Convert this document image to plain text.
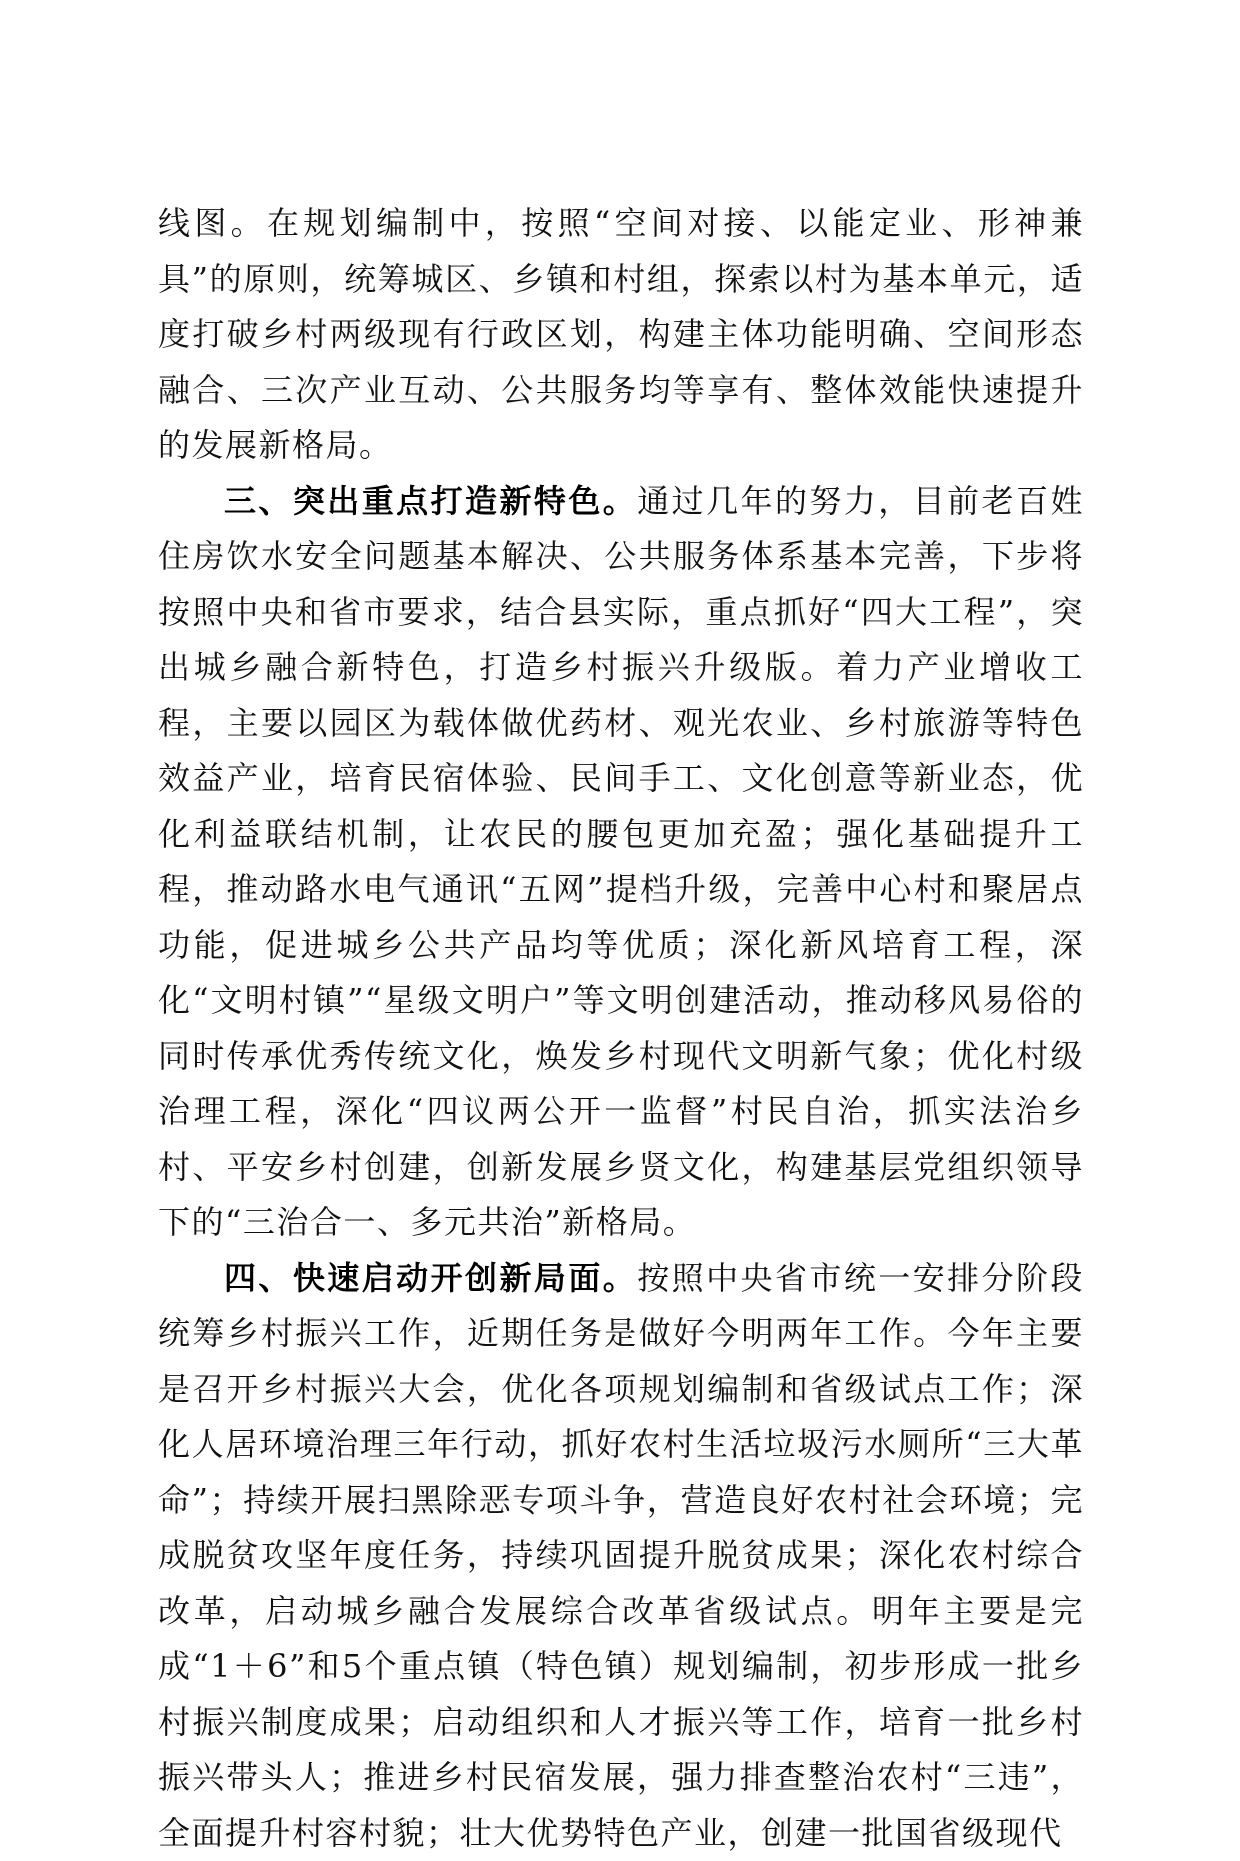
线图。在规划编制中，按照“空间对接、以能定业、形神兼具”的原则，统筹城区、乡镇和村组，探索以村为基本单元，适度打破乡村两级现有行政区划，构建主体功能明确、空间形态融合、三次产业互动、公共服务均等享有、整体效能快速提升的发展新格局。

三、突出重点打造新特色。通过几年的努力，目前老百姓住房饮水安全问题基本解决、公共服务体系基本完善，下步将按照中央和省市要求，结合县实际，重点抓好“四大工程”，突出城乡融合新特色，打造乡村振兴升级版。着力产业增收工程，主要以园区为载体做优药材、观光农业、乡村旅游等特色效益产业，培育民宿体验、民间手工、文化创意等新业态，优化利益联结机制，让农民的腰包更加充盈；强化基础提升工程，推动路水电气通讯“五网”提档升级，完善中心村和聚居点功能，促进城乡公共产品均等优质；深化新风培育工程，深化“文明村镇”“星级文明户”等文明创建活动，推动移风易俗的同时传承优秀传统文化，焕发乡村现代文明新气象；优化村级治理工程，深化“四议两公开一监督”村民自治，抓实法治乡村、平安乡村创建，创新发展乡贤文化，构建基层党组织领导下的“三治合一、多元共治”新格局。

四、快速启动开创新局面。按照中央省市统一安排分阶段统筹乡村振兴工作，近期任务是做好今明两年工作。今年主要是召开乡村振兴大会，优化各项规划编制和省级试点工作；深化人居环境治理三年行动，抓好农村生活垃圾污水厕所“三大革命”；持续开展扫黑除恶专项斗争，营造良好农村社会环境；完成脱贫攻坚年度任务，持续巩固提升脱贫成果；深化农村综合改革，启动城乡融合发展综合改革省级试点。明年主要是完成“1＋6”和5个重点镇（特色镇）规划编制，初步形成一批乡村振兴制度成果；启动组织和人才振兴等工作，培育一批乡村振兴带头人；推进乡村民宿发展，强力排查整治农村“三违”，全面提升村容村貌；壮大优势特色产业，创建一批国省级现代
